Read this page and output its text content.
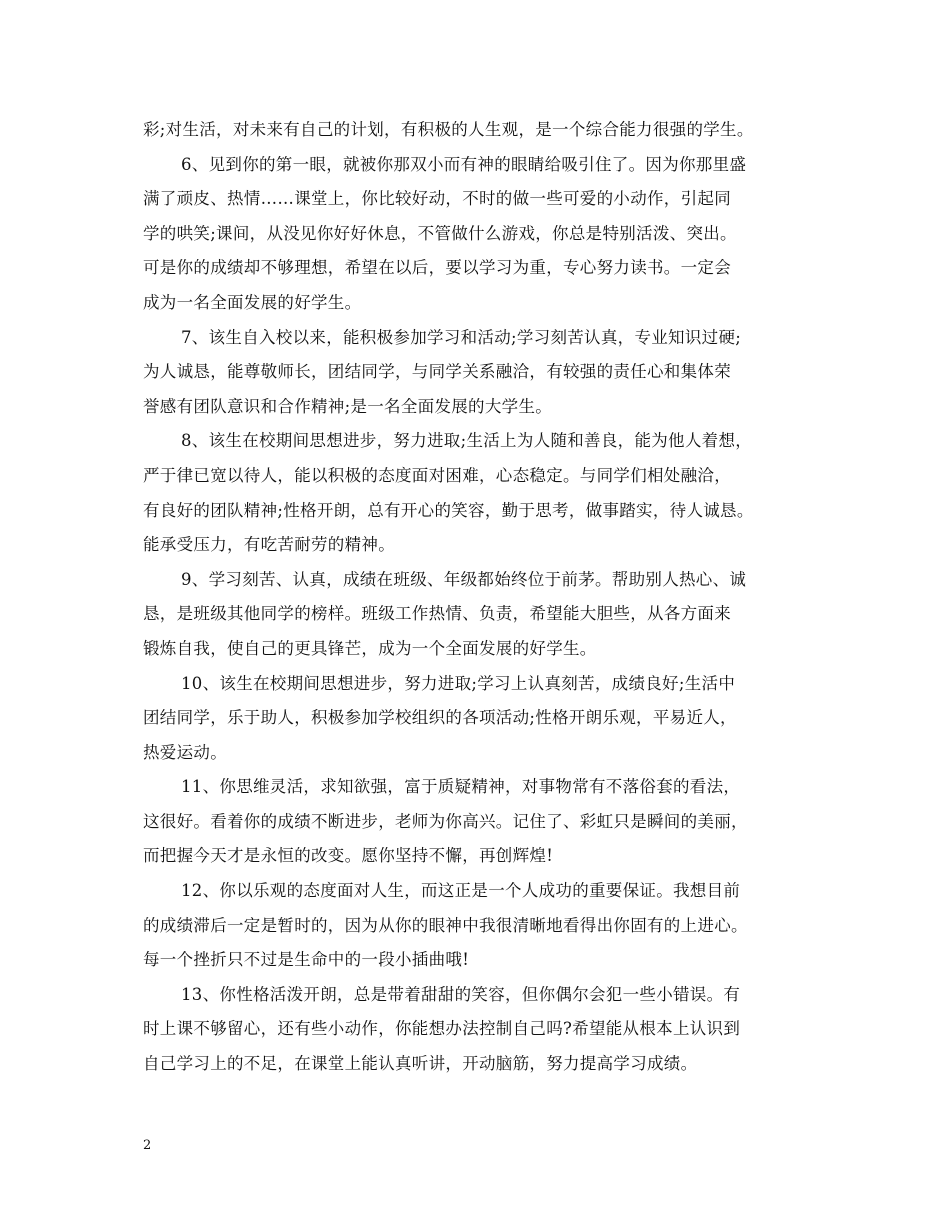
彩;对生活，对未来有自己的计划，有积极的人生观，是一个综合能力很强的学生。
6、见到你的第一眼，就被你那双小而有神的眼睛给吸引住了。因为你那里盛
满了顽皮、热情……课堂上，你比较好动，不时的做一些可爱的小动作，引起同
学的哄笑;课间，从没见你好好休息，不管做什么游戏，你总是特别活泼、突出。
可是你的成绩却不够理想，希望在以后，要以学习为重，专心努力读书。一定会
成为一名全面发展的好学生。
7、该生自入校以来，能积极参加学习和活动;学习刻苦认真，专业知识过硬;
为人诚恳，能尊敬师长，团结同学，与同学关系融洽，有较强的责任心和集体荣
誉感有团队意识和合作精神;是一名全面发展的大学生。
8、该生在校期间思想进步，努力进取;生活上为人随和善良，能为他人着想，
严于律已宽以待人，能以积极的态度面对困难，心态稳定。与同学们相处融洽，
有良好的团队精神;性格开朗，总有开心的笑容，勤于思考，做事踏实，待人诚恳。
能承受压力，有吃苦耐劳的精神。
9、学习刻苦、认真，成绩在班级、年级都始终位于前茅。帮助别人热心、诚
恳，是班级其他同学的榜样。班级工作热情、负责，希望能大胆些，从各方面来
锻炼自我，使自己的更具锋芒，成为一个全面发展的好学生。
10、该生在校期间思想进步，努力进取;学习上认真刻苦，成绩良好;生活中
团结同学，乐于助人，积极参加学校组织的各项活动;性格开朗乐观，平易近人，
热爱运动。
11、你思维灵活，求知欲强，富于质疑精神，对事物常有不落俗套的看法，
这很好。看着你的成绩不断进步，老师为你高兴。记住了、彩虹只是瞬间的美丽，
而把握今天才是永恒的改变。愿你坚持不懈，再创辉煌!
12、你以乐观的态度面对人生，而这正是一个人成功的重要保证。我想目前
的成绩滞后一定是暂时的，因为从你的眼神中我很清晰地看得出你固有的上进心。
每一个挫折只不过是生命中的一段小插曲哦!
13、你性格活泼开朗，总是带着甜甜的笑容，但你偶尔会犯一些小错误。有
时上课不够留心，还有些小动作，你能想办法控制自己吗?希望能从根本上认识到
自己学习上的不足，在课堂上能认真听讲，开动脑筋，努力提高学习成绩。
2
